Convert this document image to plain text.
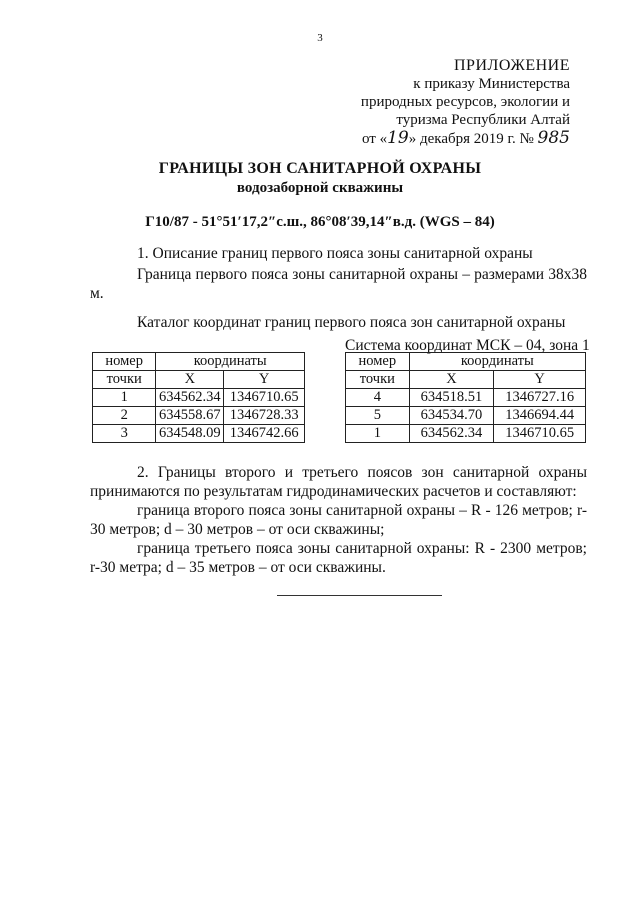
3
ПРИЛОЖЕНИЕ
к приказу Министерства
природных ресурсов, экологии и
туризма Республики Алтай
от «19» декабря 2019 г. № 985
ГРАНИЦЫ ЗОН САНИТАРНОЙ ОХРАНЫ
водозаборной скважины
Г10/87 - 51°51′17,2″с.ш., 86°08′39,14″в.д. (WGS – 84)
1. Описание границ первого пояса зоны санитарной охраны
Граница первого пояса зоны санитарной охраны – размерами 38х38 м.
Каталог координат границ первого пояса зон санитарной охраны
Система координат МСК – 04, зона 1
номер	координаты	
точки	X	Y
1	634562.34	1346710.65
2	634558.67	1346728.33
3	634548.09	1346742.66
номер	координаты	
точки	X	Y
4	634518.51	1346727.16
5	634534.70	1346694.44
1	634562.34	1346710.65
2. Границы второго и третьего поясов зон санитарной охраны принимаются по результатам гидродинамических расчетов и составляют:
граница второго пояса зоны санитарной охраны – R - 126 метров; r-30 метров; d – 30 метров – от оси скважины;
граница третьего пояса зоны санитарной охраны: R - 2300 метров; r-30 метра; d – 35 метров – от оси скважины.
